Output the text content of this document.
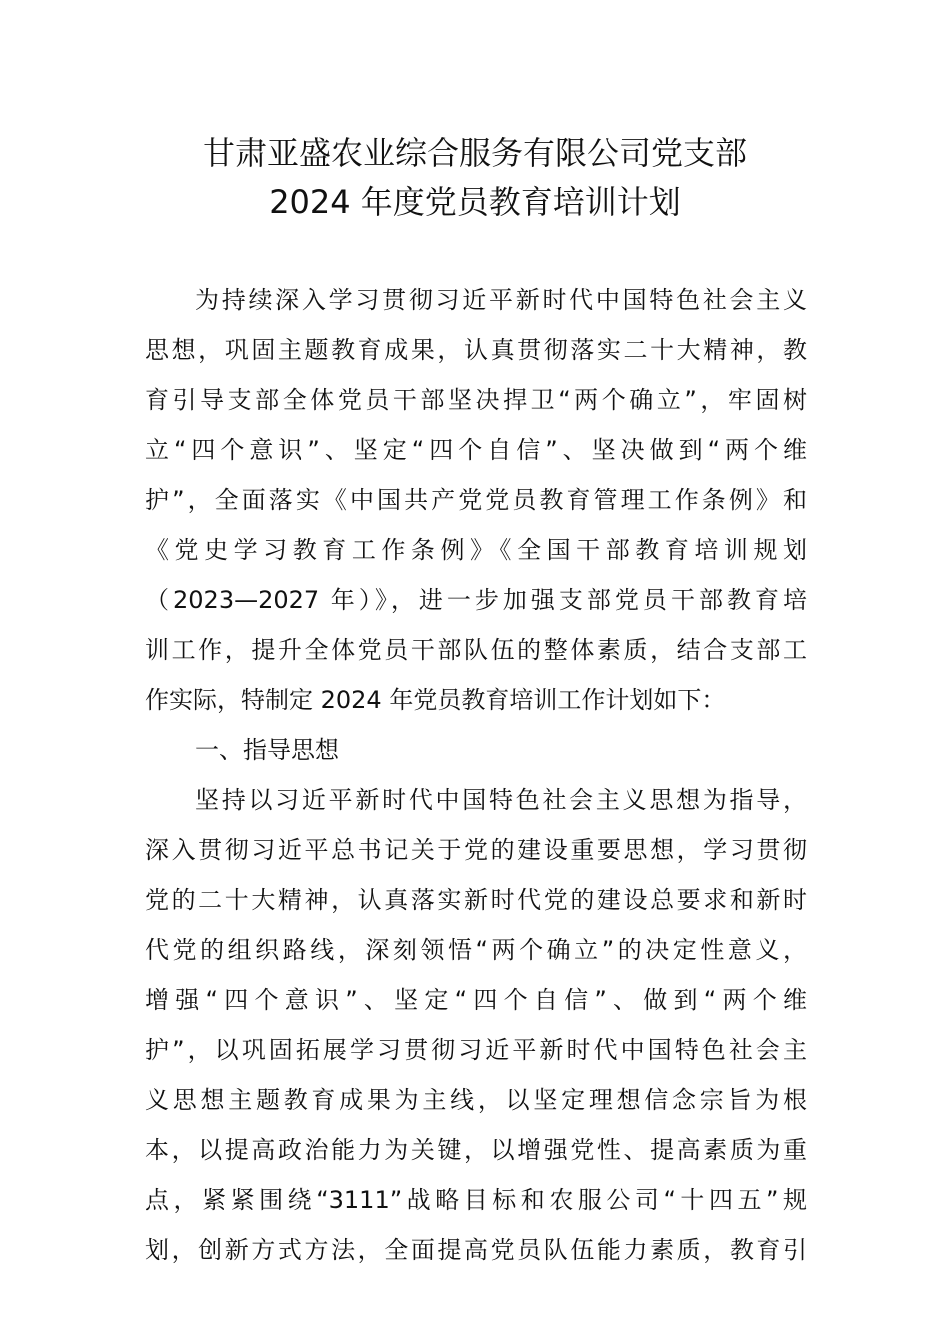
甘肃亚盛农业综合服务有限公司党支部
2024 年度党员教育培训计划
为持续深入学习贯彻习近平新时代中国特色社会主义
思想，巩固主题教育成果，认真贯彻落实二十大精神，教
育引导支部全体党员干部坚决捍卫“两个确立”，牢固树
立“四个意识”、坚定“四个自信”、坚决做到“两个维
护”，全面落实《中国共产党党员教育管理工作条例》和
《党史学习教育工作条例》《全国干部教育培训规划
（2023—2027 年）》，进一步加强支部党员干部教育培
训工作，提升全体党员干部队伍的整体素质，结合支部工
作实际，特制定 2024 年党员教育培训工作计划如下：
一、指导思想
坚持以习近平新时代中国特色社会主义思想为指导，
深入贯彻习近平总书记关于党的建设重要思想，学习贯彻
党的二十大精神，认真落实新时代党的建设总要求和新时
代党的组织路线，深刻领悟“两个确立”的决定性意义，
增强“四个意识”、坚定“四个自信”、做到“两个维
护”，以巩固拓展学习贯彻习近平新时代中国特色社会主
义思想主题教育成果为主线，以坚定理想信念宗旨为根
本，以提高政治能力为关键，以增强党性、提高素质为重
点，紧紧围绕“3111”战略目标和农服公司“十四五”规
划，创新方式方法，全面提高党员队伍能力素质，教育引
